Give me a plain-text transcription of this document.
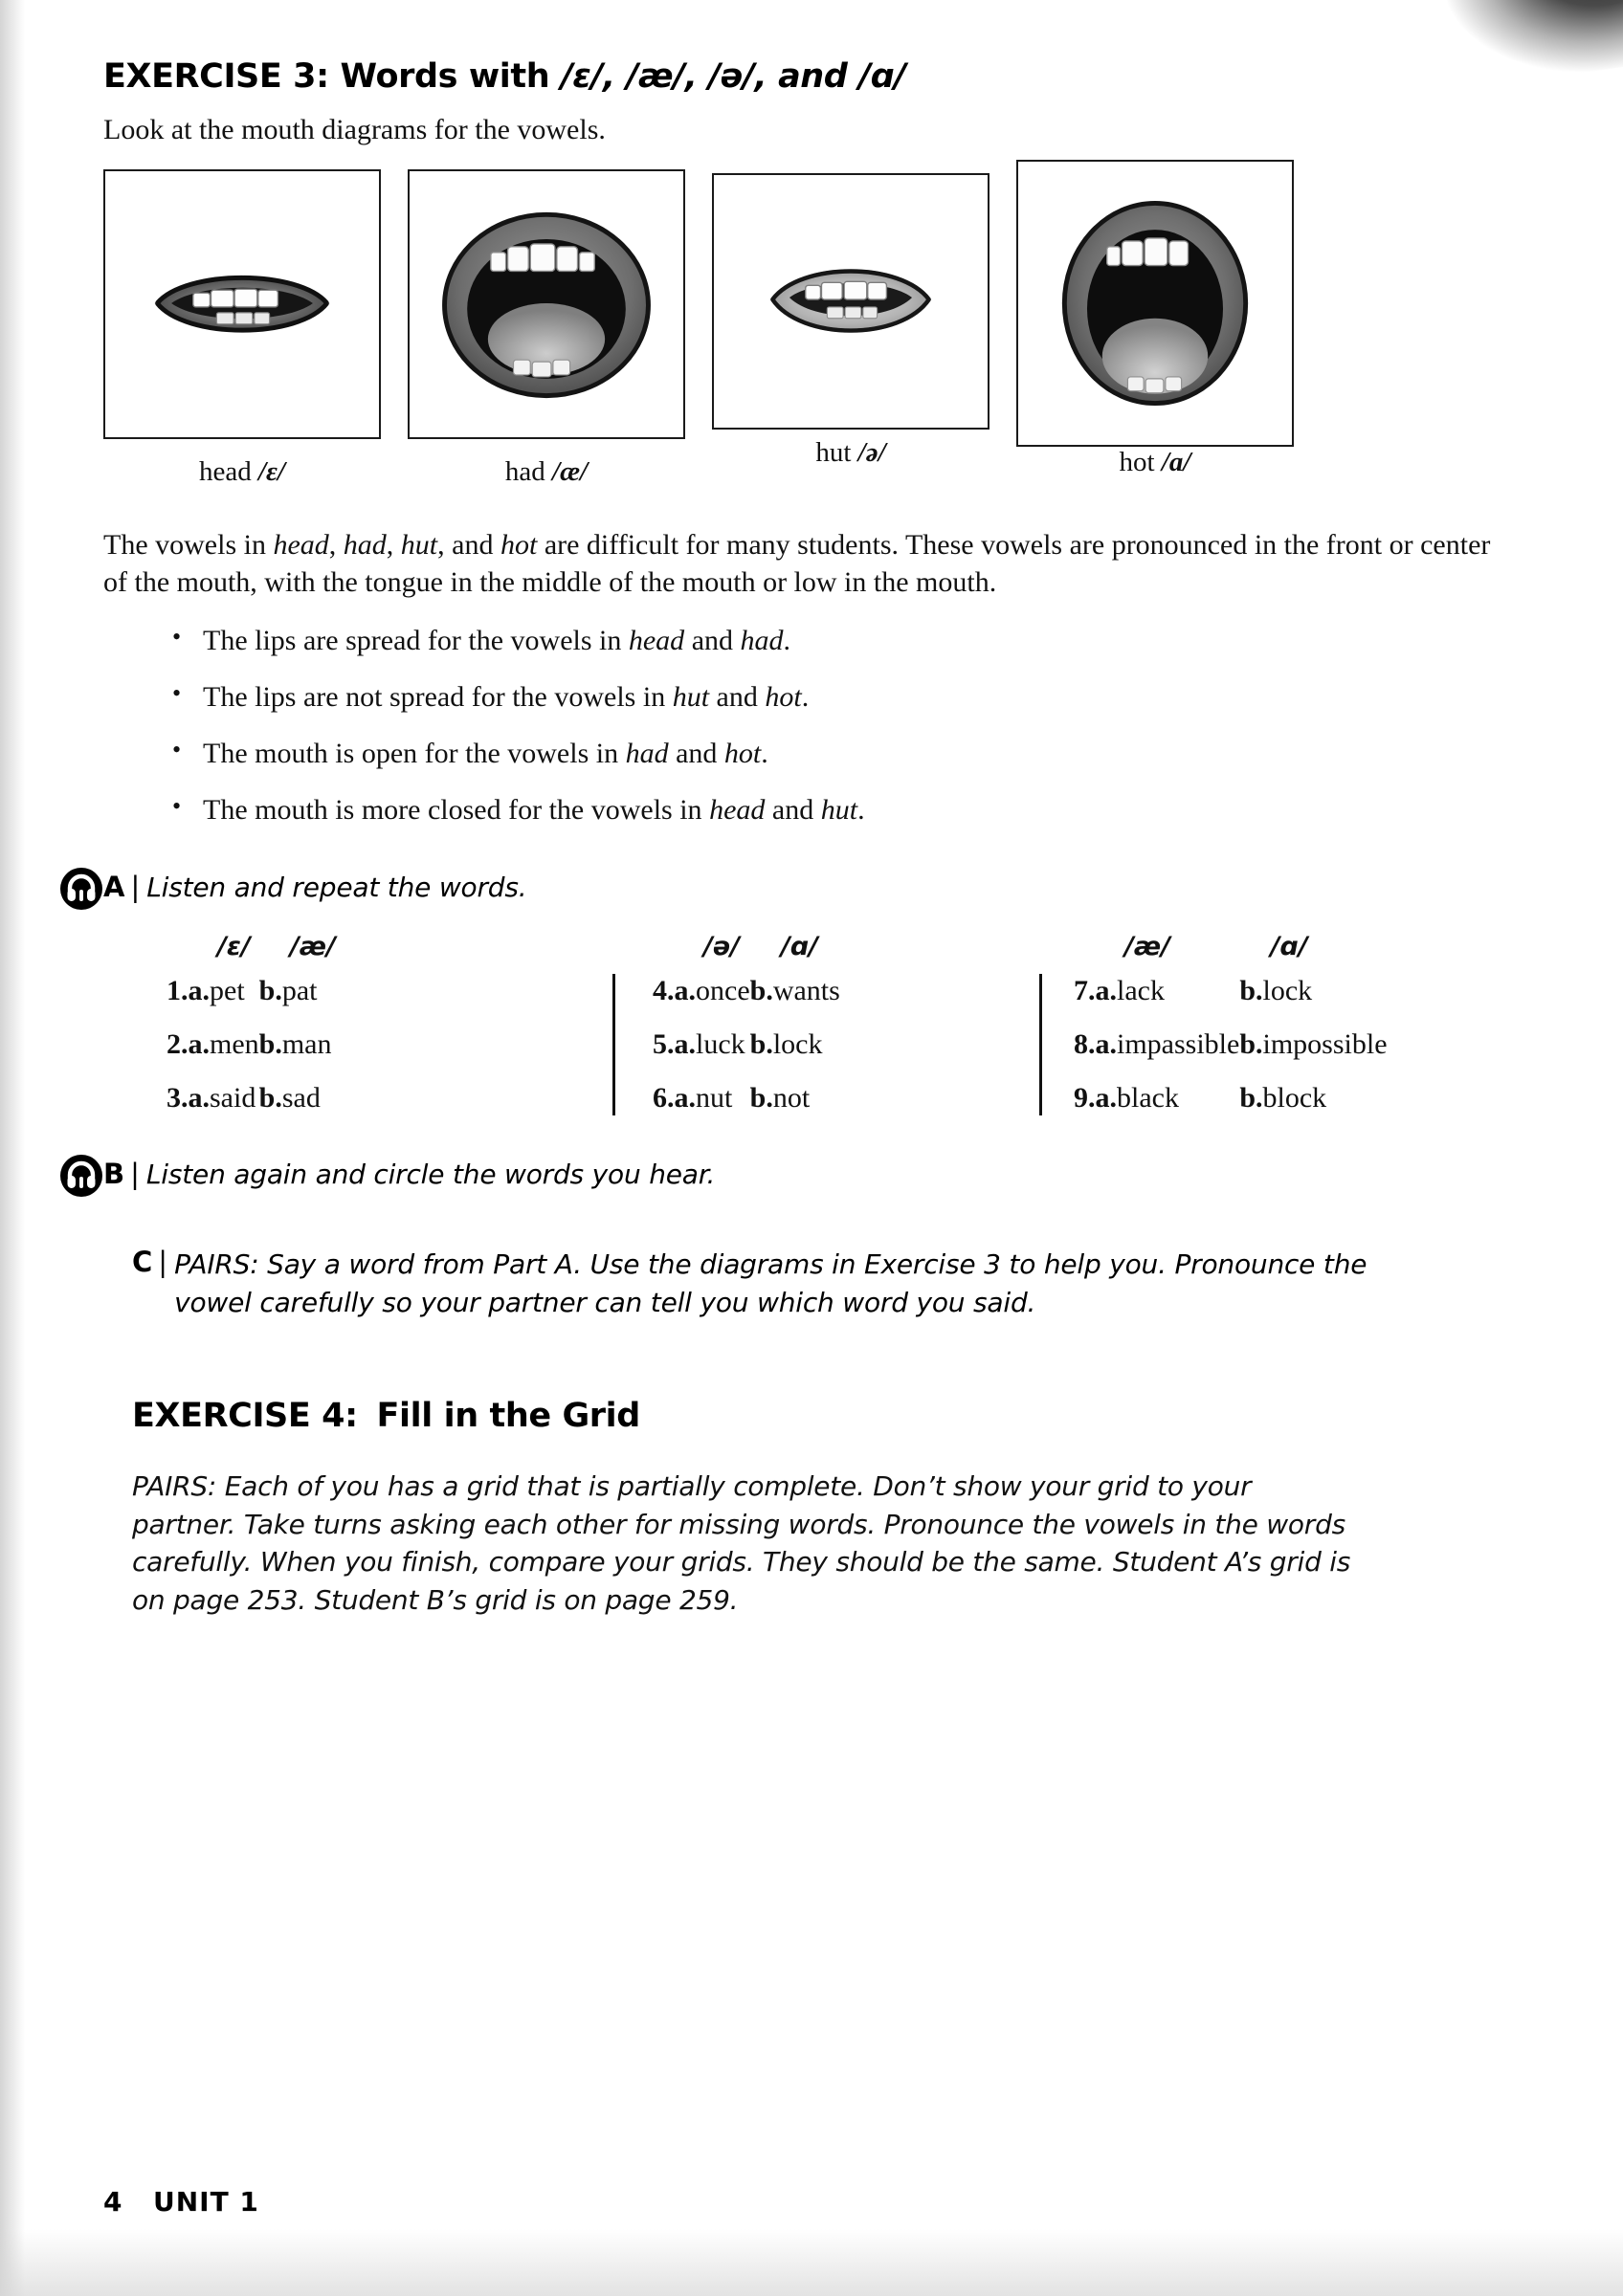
EXERCISE 3: Words with /ɛ/, /æ/, /ə/, and /ɑ/

Look at the mouth diagrams for the vowels.

head /ɛ/	had /æ/
hut /ə/	hot /ɑ/

The vowels in head, had, hut, and hot are difficult for many students. These vowels are pronounced in the front or center of the mouth, with the tongue in the middle of the mouth or low in the mouth.

• The lips are spread for the vowels in head and had.
• The lips are not spread for the vowels in hut and hot.
• The mouth is open for the vowels in had and hot.
• The mouth is more closed for the vowels in head and hut.
A | Listen and repeat the words.
		/ɛ/		/æ/
1.	a.	pet	b.	pat
2.	a.	men	b.	man
3.	a.	said	b.	sad
		/ə/		/ɑ/
4.	a.	once	b.	wants
5.	a.	luck	b.	lock
6.	a.	nut	b.	not
		/æ/		/ɑ/
7.	a.	lack	b.	lock
8.	a.	impassible	b.	impossible
9.	a.	black	b.	block
B | Listen again and circle the words you hear.
C | PAIRS: Say a word from Part A. Use the diagrams in Exercise 3 to help you. Pronounce the vowel carefully so your partner can tell you which word you said.
EXERCISE 4: Fill in the Grid

PAIRS: Each of you has a grid that is partially complete. Don’t show your grid to your partner. Take turns asking each other for missing words. Pronounce the vowels in the words carefully. When you finish, compare your grids. They should be the same. Student A’s grid is on page 253. Student B’s grid is on page 259.

4 UNIT 1
